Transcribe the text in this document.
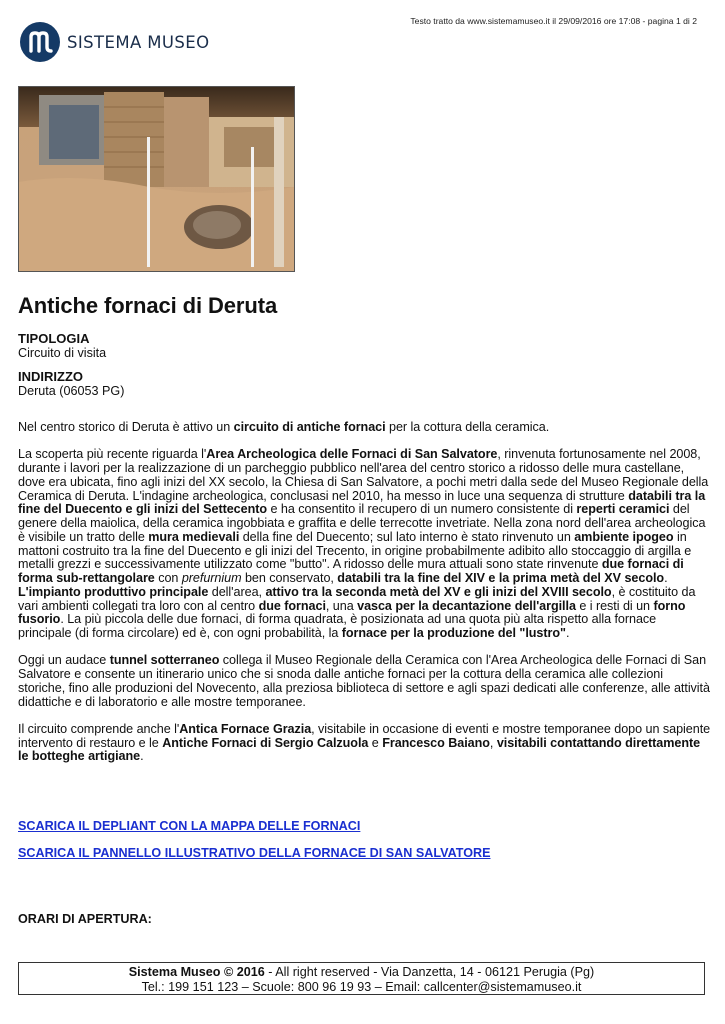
Testo tratto da www.sistemamuseo.it il 29/09/2016 ore 17:08 - pagina 1 di 2
SISTEMA MUSEO
Antiche fornaci di Deruta
TIPOLOGIA
Circuito di visita
INDIRIZZO
Deruta (06053 PG)

Nel centro storico di Deruta è attivo un circuito di antiche fornaci per la cottura della ceramica.

La scoperta più recente riguarda l'Area Archeologica delle Fornaci di San Salvatore, rinvenuta fortunosamente nel 2008, durante i lavori per la realizzazione di un parcheggio pubblico nell'area del centro storico a ridosso delle mura castellane, dove era ubicata, fino agli inizi del XX secolo, la Chiesa di San Salvatore, a pochi metri dalla sede del Museo Regionale della Ceramica di Deruta. L'indagine archeologica, conclusasi nel 2010, ha messo in luce una sequenza di strutture databili tra la fine del Duecento e gli inizi del Settecento e ha consentito il recupero di un numero consistente di reperti ceramici del genere della maiolica, della ceramica ingobbiata e graffita e delle terrecotte invetriate. Nella zona nord dell'area archeologica è visibile un tratto delle mura medievali della fine del Duecento; sul lato interno è stato rinvenuto un ambiente ipogeo in mattoni costruito tra la fine del Duecento e gli inizi del Trecento, in origine probabilmente adibito allo stoccaggio di argilla e metalli grezzi e successivamente utilizzato come "butto". A ridosso delle mura attuali sono state rinvenute due fornaci di forma sub-rettangolare con prefurnium ben conservato, databili tra la fine del XIV e la prima metà del XV secolo. L'impianto produttivo principale dell'area, attivo tra la seconda metà del XV e gli inizi del XVIII secolo, è costituito da vari ambienti collegati tra loro con al centro due fornaci, una vasca per la decantazione dell'argilla e i resti di un forno fusorio. La più piccola delle due fornaci, di forma quadrata, è posizionata ad una quota più alta rispetto alla fornace principale (di forma circolare) ed è, con ogni probabilità, la fornace per la produzione del "lustro".

Oggi un audace tunnel sotterraneo collega il Museo Regionale della Ceramica con l'Area Archeologica delle Fornaci di San Salvatore e consente un itinerario unico che si snoda dalle antiche fornaci per la cottura della ceramica alle collezioni storiche, fino alle produzioni del Novecento, alla preziosa biblioteca di settore e agli spazi dedicati alle conferenze, alle attività didattiche e di laboratorio e alle mostre temporanee.

Il circuito comprende anche l'Antica Fornace Grazia, visitabile in occasione di eventi e mostre temporanee dopo un sapiente intervento di restauro e le Antiche Fornaci di Sergio Calzuola e Francesco Baiano, visitabili contattando direttamente le botteghe artigiane.

SCARICA IL DEPLIANT CON LA MAPPA DELLE FORNACI
SCARICA IL PANNELLO ILLUSTRATIVO DELLA FORNACE DI SAN SALVATORE
ORARI DI APERTURA:
Sistema Museo © 2016 - All right reserved - Via Danzetta, 14 - 06121 Perugia (Pg)
Tel.: 199 151 123 – Scuole: 800 96 19 93 – Email: callcenter@sistemamuseo.it
